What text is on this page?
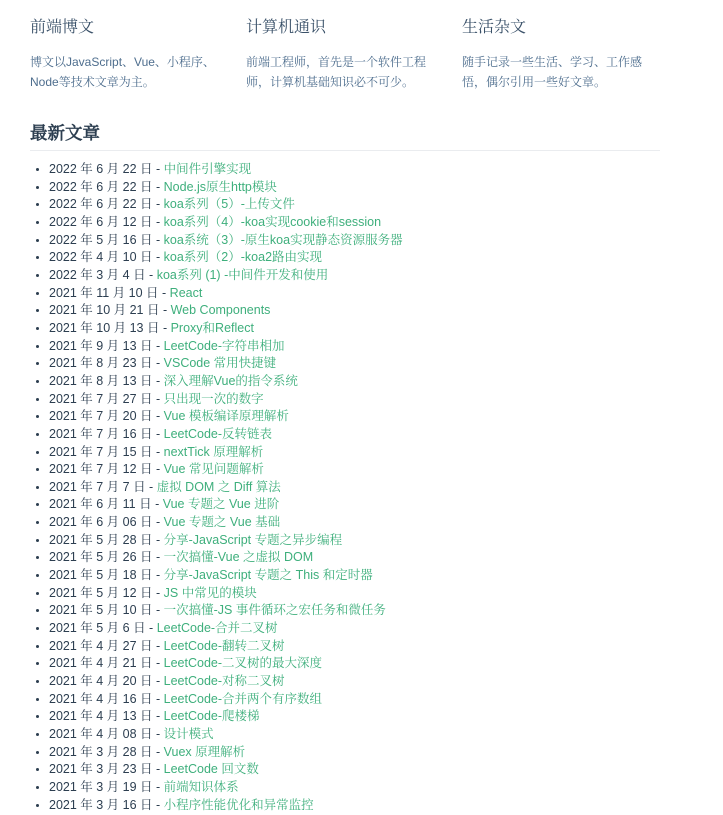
前端博文

博文以JavaScript、Vue、小程序、Node等技术文章为主。

计算机通识

前端工程师，首先是一个软件工程师，计算机基础知识必不可少。

生活杂文

随手记录一些生活、学习、工作感悟，偶尔引用一些好文章。

最新文章
• 2022 年 6 月 22 日 - 中间件引擎实现
• 2022 年 6 月 22 日 - Node.js原生http模块
• 2022 年 6 月 22 日 - koa系列（5）-上传文件
• 2022 年 6 月 12 日 - koa系列（4）-koa实现cookie和session
• 2022 年 5 月 16 日 - koa系统（3）-原生koa实现静态资源服务器
• 2022 年 4 月 10 日 - koa系列（2）-koa2路由实现
• 2022 年 3 月 4 日 - koa系列 (1) -中间件开发和使用
• 2021 年 11 月 10 日 - React
• 2021 年 10 月 21 日 - Web Components
• 2021 年 10 月 13 日 - Proxy和Reflect
• 2021 年 9 月 13 日 - LeetCode-字符串相加
• 2021 年 8 月 23 日 - VSCode 常用快捷键
• 2021 年 8 月 13 日 - 深入理解Vue的指令系统
• 2021 年 7 月 27 日 - 只出现一次的数字
• 2021 年 7 月 20 日 - Vue 模板编译原理解析
• 2021 年 7 月 16 日 - LeetCode-反转链表
• 2021 年 7 月 15 日 - nextTick 原理解析
• 2021 年 7 月 12 日 - Vue 常见问题解析
• 2021 年 7 月 7 日 - 虚拟 DOM 之 Diff 算法
• 2021 年 6 月 11 日 - Vue 专题之 Vue 进阶
• 2021 年 6 月 06 日 - Vue 专题之 Vue 基础
• 2021 年 5 月 28 日 - 分享-JavaScript 专题之异步编程
• 2021 年 5 月 26 日 - 一次搞懂-Vue 之虚拟 DOM
• 2021 年 5 月 18 日 - 分享-JavaScript 专题之 This 和定时器
• 2021 年 5 月 12 日 - JS 中常见的模块
• 2021 年 5 月 10 日 - 一次搞懂-JS 事件循环之宏任务和微任务
• 2021 年 5 月 6 日 - LeetCode-合并二叉树
• 2021 年 4 月 27 日 - LeetCode-翻转二叉树
• 2021 年 4 月 21 日 - LeetCode-二叉树的最大深度
• 2021 年 4 月 20 日 - LeetCode-对称二叉树
• 2021 年 4 月 16 日 - LeetCode-合并两个有序数组
• 2021 年 4 月 13 日 - LeetCode-爬楼梯
• 2021 年 4 月 08 日 - 设计模式
• 2021 年 3 月 28 日 - Vuex 原理解析
• 2021 年 3 月 23 日 - LeetCode 回文数
• 2021 年 3 月 19 日 - 前端知识体系
• 2021 年 3 月 16 日 - 小程序性能优化和异常监控
